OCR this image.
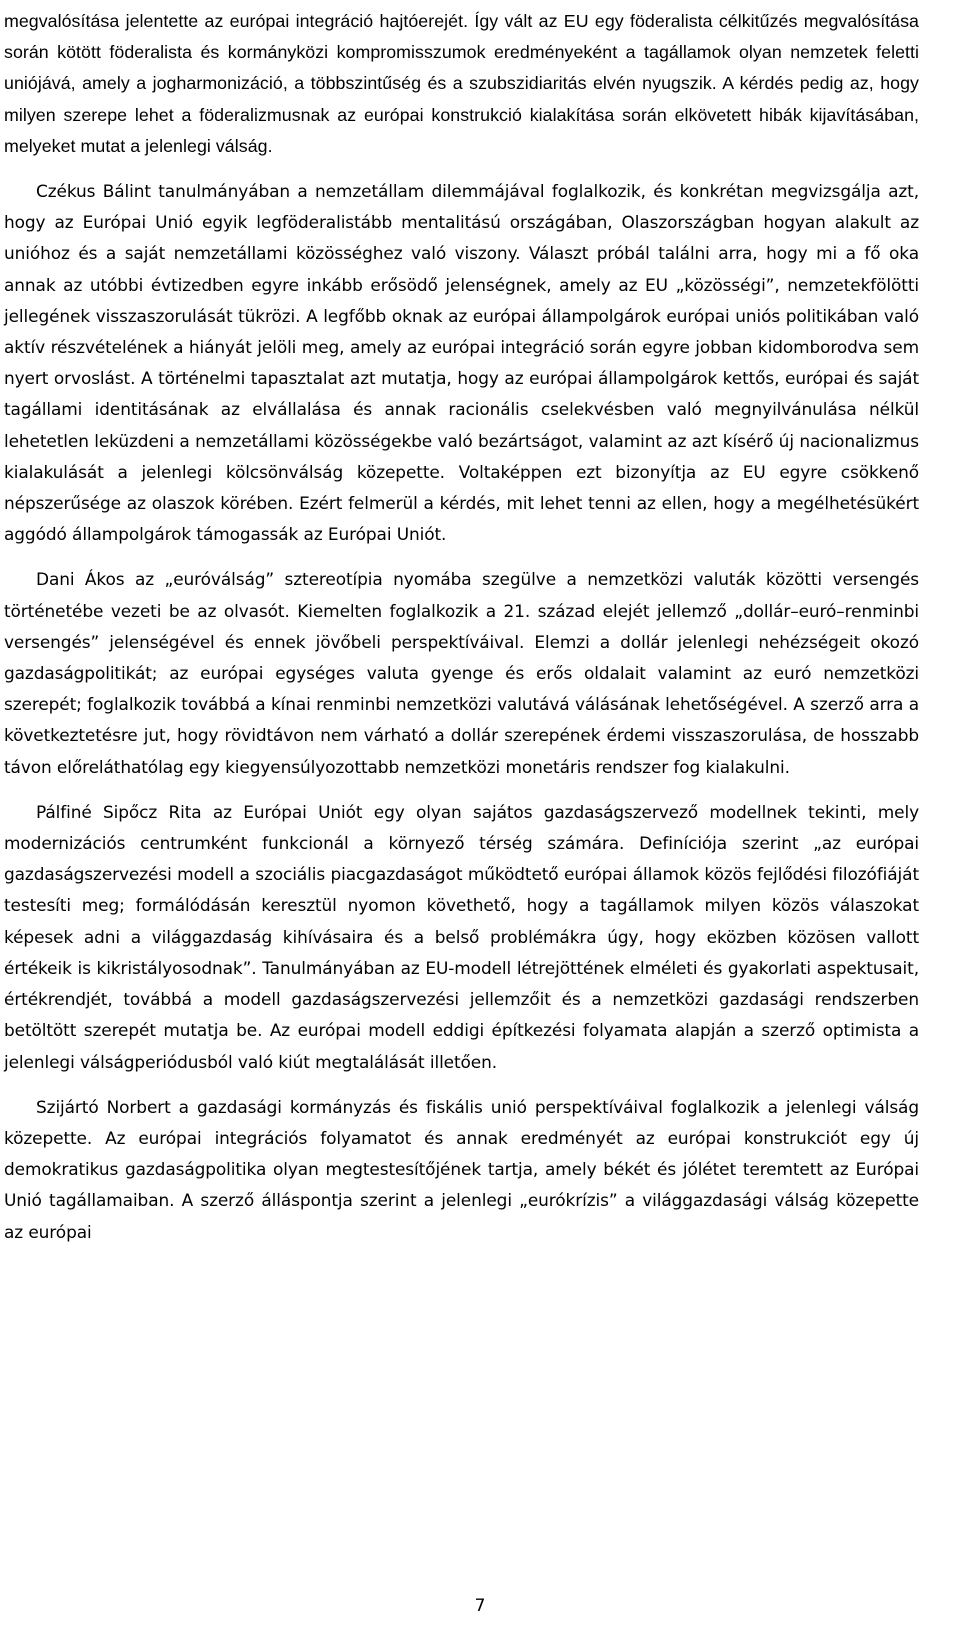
megvalósítása jelentette az európai integráció hajtóerejét. Így vált az EU egy föderalista célkitűzés megvalósítása során kötött föderalista és kormányközi kompromisszumok eredményeként a tagállamok olyan nemzetek feletti uniójává, amely a jogharmonizáció, a többszintűség és a szubszidiaritás elvén nyugszik. A kérdés pedig az, hogy milyen szerepe lehet a föderalizmusnak az európai konstrukció kialakítása során elkövetett hibák kijavításában, melyeket mutat a jelenlegi válság.

Czékus Bálint tanulmányában a nemzetállam dilemmájával foglalkozik, és konkrétan megvizsgálja azt, hogy az Európai Unió egyik legföderalistább mentalitású országában, Olaszországban hogyan alakult az unióhoz és a saját nemzetállami közösséghez való viszony. Választ próbál találni arra, hogy mi a fő oka annak az utóbbi évtizedben egyre inkább erősödő jelenségnek, amely az EU „közösségi”, nemzetekfölötti jellegének visszaszorulását tükrözi. A legfőbb oknak az európai állampolgárok európai uniós politikában való aktív részvételének a hiányát jelöli meg, amely az európai integráció során egyre jobban kidomborodva sem nyert orvoslást. A történelmi tapasztalat azt mutatja, hogy az európai állampolgárok kettős, európai és saját tagállami identitásának az elvállalása és annak racionális cselekvésben való megnyilvánulása nélkül lehetetlen leküzdeni a nemzetállami közösségekbe való bezártságot, valamint az azt kísérő új nacionalizmus kialakulását a jelenlegi kölcsönválság közepette. Voltaképpen ezt bizonyítja az EU egyre csökkenő népszerűsége az olaszok körében. Ezért felmerül a kérdés, mit lehet tenni az ellen, hogy a megélhetésükért aggódó állampolgárok támogassák az Európai Uniót.

Dani Ákos az „euróválság” sztereotípia nyomába szegülve a nemzetközi valuták közötti versengés történetébe vezeti be az olvasót. Kiemelten foglalkozik a 21. század elejét jellemző „dollár–euró–renminbi versengés” jelenségével és ennek jövőbeli perspektíváival. Elemzi a dollár jelenlegi nehézségeit okozó gazdaságpolitikát; az európai egységes valuta gyenge és erős oldalait valamint az euró nemzetközi szerepét; foglalkozik továbbá a kínai renminbi nemzetközi valutává válásának lehetőségével. A szerző arra a következtetésre jut, hogy rövidtávon nem várható a dollár szerepének érdemi visszaszorulása, de hosszabb távon előreláthatólag egy kiegyensúlyozottabb nemzetközi monetáris rendszer fog kialakulni.

Pálfiné Sipőcz Rita az Európai Uniót egy olyan sajátos gazdaságszervező modellnek tekinti, mely modernizációs centrumként funkcionál a környező térség számára. Definíciója szerint „az európai gazdaságszervezési modell a szociális piacgazdaságot működtető európai államok közös fejlődési filozófiáját testesíti meg; formálódásán keresztül nyomon követhető, hogy a tagállamok milyen közös válaszokat képesek adni a világgazdaság kihívásaira és a belső problémákra úgy, hogy eközben közösen vallott értékeik is kikristályosodnak”. Tanulmányában az EU-modell létrejöttének elméleti és gyakorlati aspektusait, értékrendjét, továbbá a modell gazdaságszervezési jellemzőit és a nemzetközi gazdasági rendszerben betöltött szerepét mutatja be. Az európai modell eddigi építkezési folyamata alapján a szerző optimista a jelenlegi válságperiódusból való kiút megtalálását illetően.

Szijártó Norbert a gazdasági kormányzás és fiskális unió perspektíváival foglalkozik a jelenlegi válság közepette. Az európai integrációs folyamatot és annak eredményét az európai konstrukciót egy új demokratikus gazdaságpolitika olyan megtestesítőjének tartja, amely békét és jólétet teremtett az Európai Unió tagállamaiban. A szerző álláspontja szerint a jelenlegi „eurókrízis” a világgazdasági válság közepette az európai

7
